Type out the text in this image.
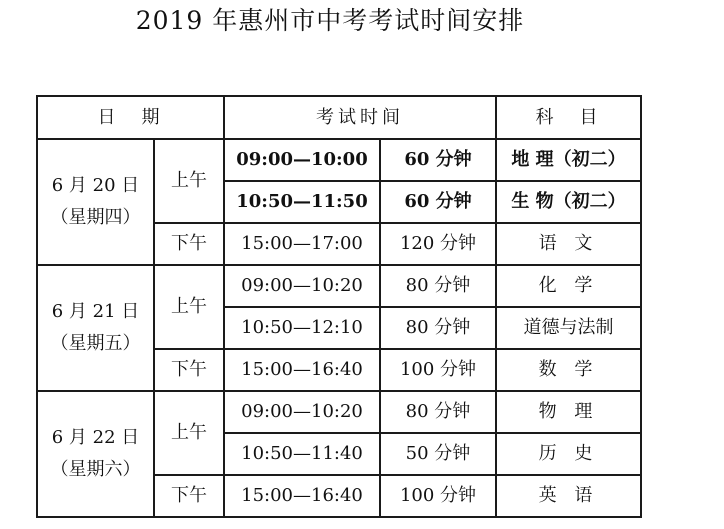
2019 年惠州市中考考试时间安排
日　期		考试时间		科　目

6 月 20 日
（星期四）	上午	09:00—10:00	60 分钟	地 理（初二）
		10:50—11:50	60 分钟	生 物（初二）
	下午	15:00—17:00	120 分钟	语 文

6 月 21 日
（星期五）	上午	09:00—10:20	80 分钟	化 学
		10:50—12:10	80 分钟	道德与法制
	下午	15:00—16:40	100 分钟	数 学

6 月 22 日
（星期六）	上午	09:00—10:20	80 分钟	物 理
		10:50—11:40	50 分钟	历 史
	下午	15:00—16:40	100 分钟	英 语
